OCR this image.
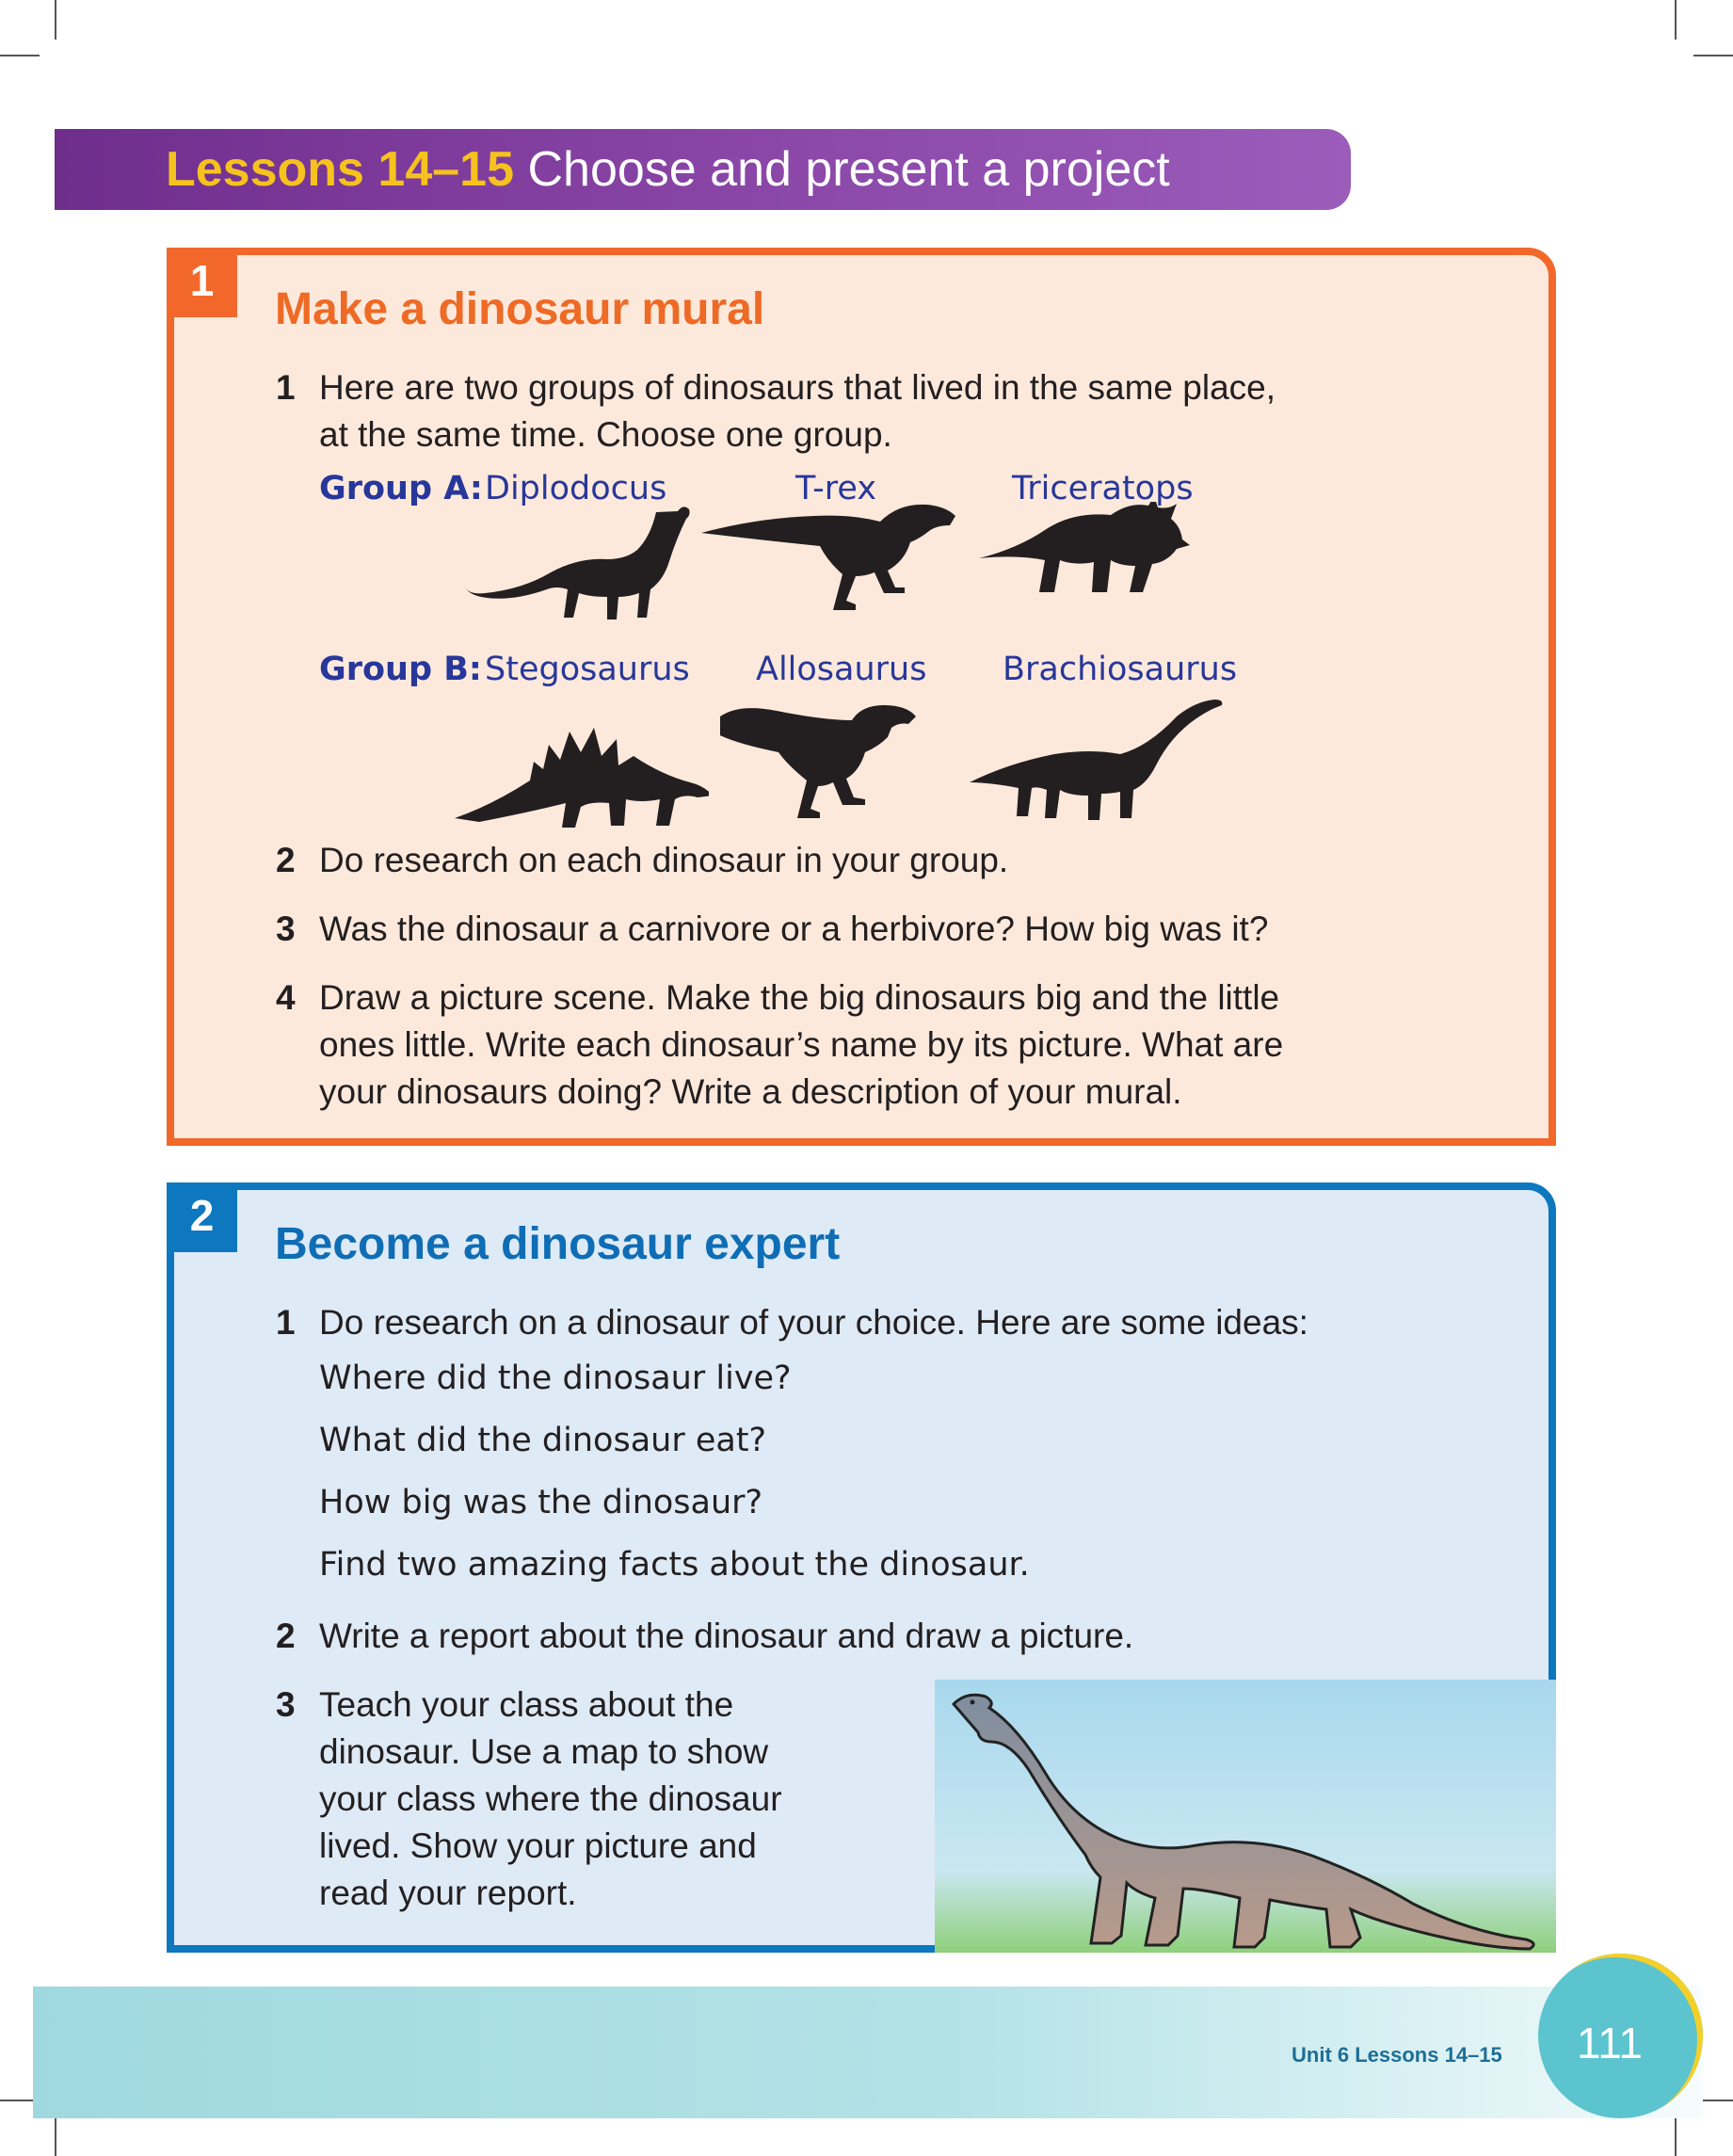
Lessons 14–15 Choose and present a project
1
Make a dinosaur mural
1 Here are two groups of dinosaurs that lived in the same place,
at the same time. Choose one group.
Group A: Diplodocus	T-rex	Triceratops
Group B: Stegosaurus Allosaurus Brachiosaurus
2 Do research on each dinosaur in your group.
3 Was the dinosaur a carnivore or a herbivore? How big was it?
4 Draw a picture scene. Make the big dinosaurs big and the little
ones little. Write each dinosaur’s name by its picture. What are
your dinosaurs doing? Write a description of your mural.
2
Become a dinosaur expert
1 Do research on a dinosaur of your choice. Here are some ideas:
Where did the dinosaur live?
What did the dinosaur eat?
How big was the dinosaur?
Find two amazing facts about the dinosaur.
2 Write a report about the dinosaur and draw a picture.
3 Teach your class about the
dinosaur. Use a map to show
your class where the dinosaur
lived. Show your picture and
read your report.
Unit 6 Lessons 14–15	111
